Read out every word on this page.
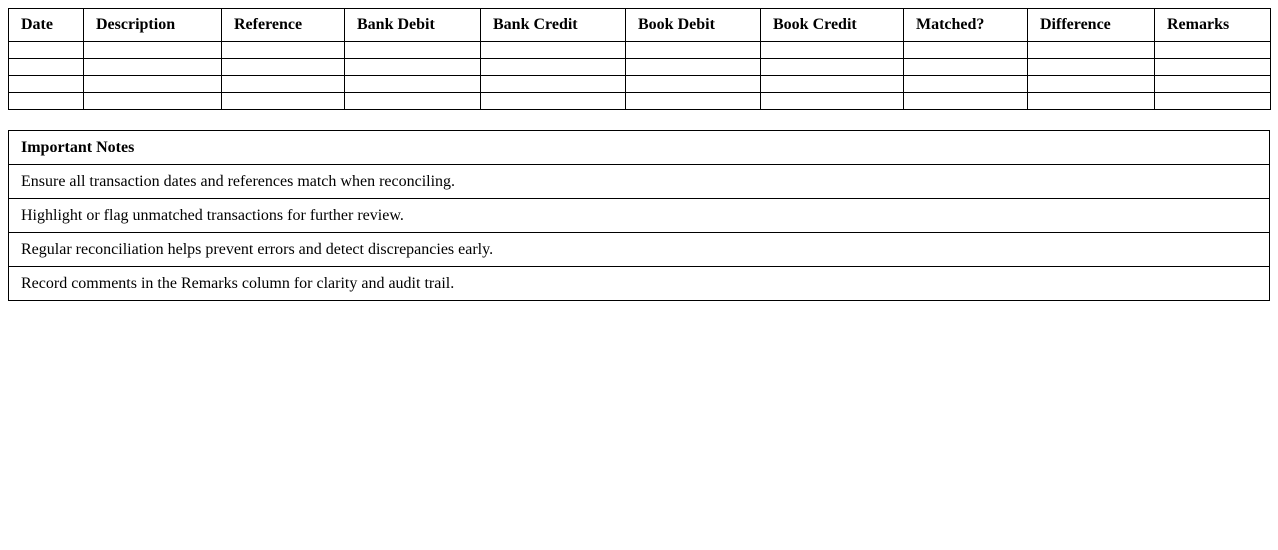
Date	Description	Reference	Bank Debit	Bank Credit	Book Debit	Book Credit	Matched?	Difference	Remarks

Important Notes
Ensure all transaction dates and references match when reconciling.
Highlight or flag unmatched transactions for further review.
Regular reconciliation helps prevent errors and detect discrepancies early.
Record comments in the Remarks column for clarity and audit trail.
